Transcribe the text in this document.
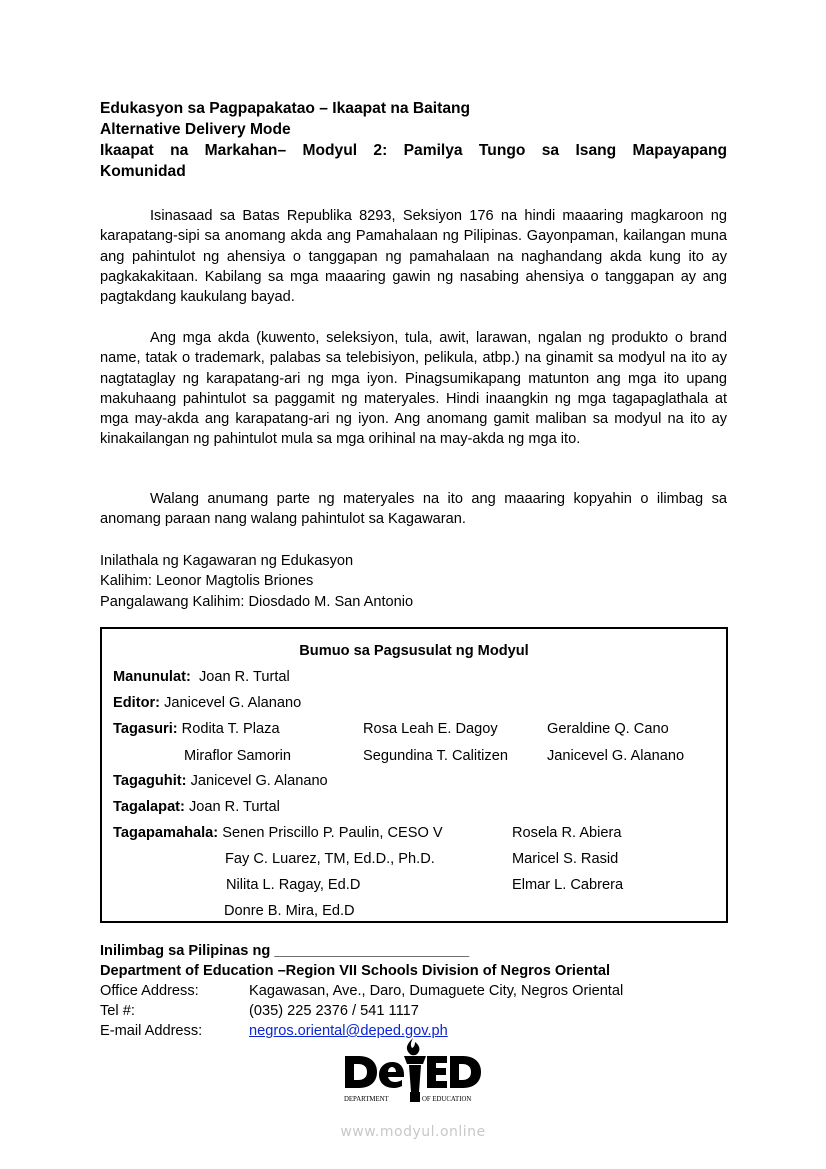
Edukasyon sa Pagpapakatao – Ikaapat na Baitang
Alternative Delivery Mode
Ikaapat na Markahan– Modyul 2: Pamilya Tungo sa Isang Mapayapang
Komunidad
Isinasaad sa Batas Republika 8293, Seksiyon 176 na hindi maaaring magkaroon ng karapatang-sipi sa anomang akda ang Pamahalaan ng Pilipinas. Gayonpaman, kailangan muna ang pahintulot ng ahensiya o tanggapan ng pamahalaan na naghandang akda kung ito ay pagkakakitaan. Kabilang sa mga maaaring gawin ng nasabing ahensiya o tanggapan ay ang pagtakdang kaukulang bayad.
Ang mga akda (kuwento, seleksiyon, tula, awit, larawan, ngalan ng produkto o brand name, tatak o trademark, palabas sa telebisiyon, pelikula, atbp.) na ginamit sa modyul na ito ay nagtataglay ng karapatang-ari ng mga iyon. Pinagsumikapang matunton ang mga ito upang makuhaang pahintulot sa paggamit ng materyales. Hindi inaangkin ng mga tagapaglathala at mga may-akda ang karapatang-ari ng iyon. Ang anomang gamit maliban sa modyul na ito ay kinakailangan ng pahintulot mula sa mga orihinal na may-akda ng mga ito.
Walang anumang parte ng materyales na ito ang maaaring kopyahin o ilimbag sa anomang paraan nang walang pahintulot sa Kagawaran.
Inilathala ng Kagawaran ng Edukasyon
Kalihim: Leonor Magtolis Briones
Pangalawang Kalihim: Diosdado M. San Antonio
Bumuo sa Pagsusulat ng Modyul
Manunulat: Joan R. Turtal
Editor: Janicevel G. Alanano
Tagasuri: Rodita T. Plaza	Rosa Leah E. Dagoy	Geraldine Q. Cano
Miraflor Samorin	Segundina T. Calitizen	Janicevel G. Alanano
Tagaguhit: Janicevel G. Alanano
Tagalapat: Joan R. Turtal
Tagapamahala: Senen Priscillo P. Paulin, CESO V	Rosela R. Abiera
Fay C. Luarez, TM, Ed.D., Ph.D.	Maricel S. Rasid
Nilita L. Ragay, Ed.D	Elmar L. Cabrera
Donre B. Mira, Ed.D
Inilimbag sa Pilipinas ng ________________________
Department of Education –Region VII Schools Division of Negros Oriental
Office Address:	Kagawasan, Ave., Daro, Dumaguete City, Negros Oriental
Tel #:	(035) 225 2376 / 541 1117
E-mail Address:	negros.oriental@deped.gov.ph
DEPARTMENT	OF EDUCATION
www.modyul.online
